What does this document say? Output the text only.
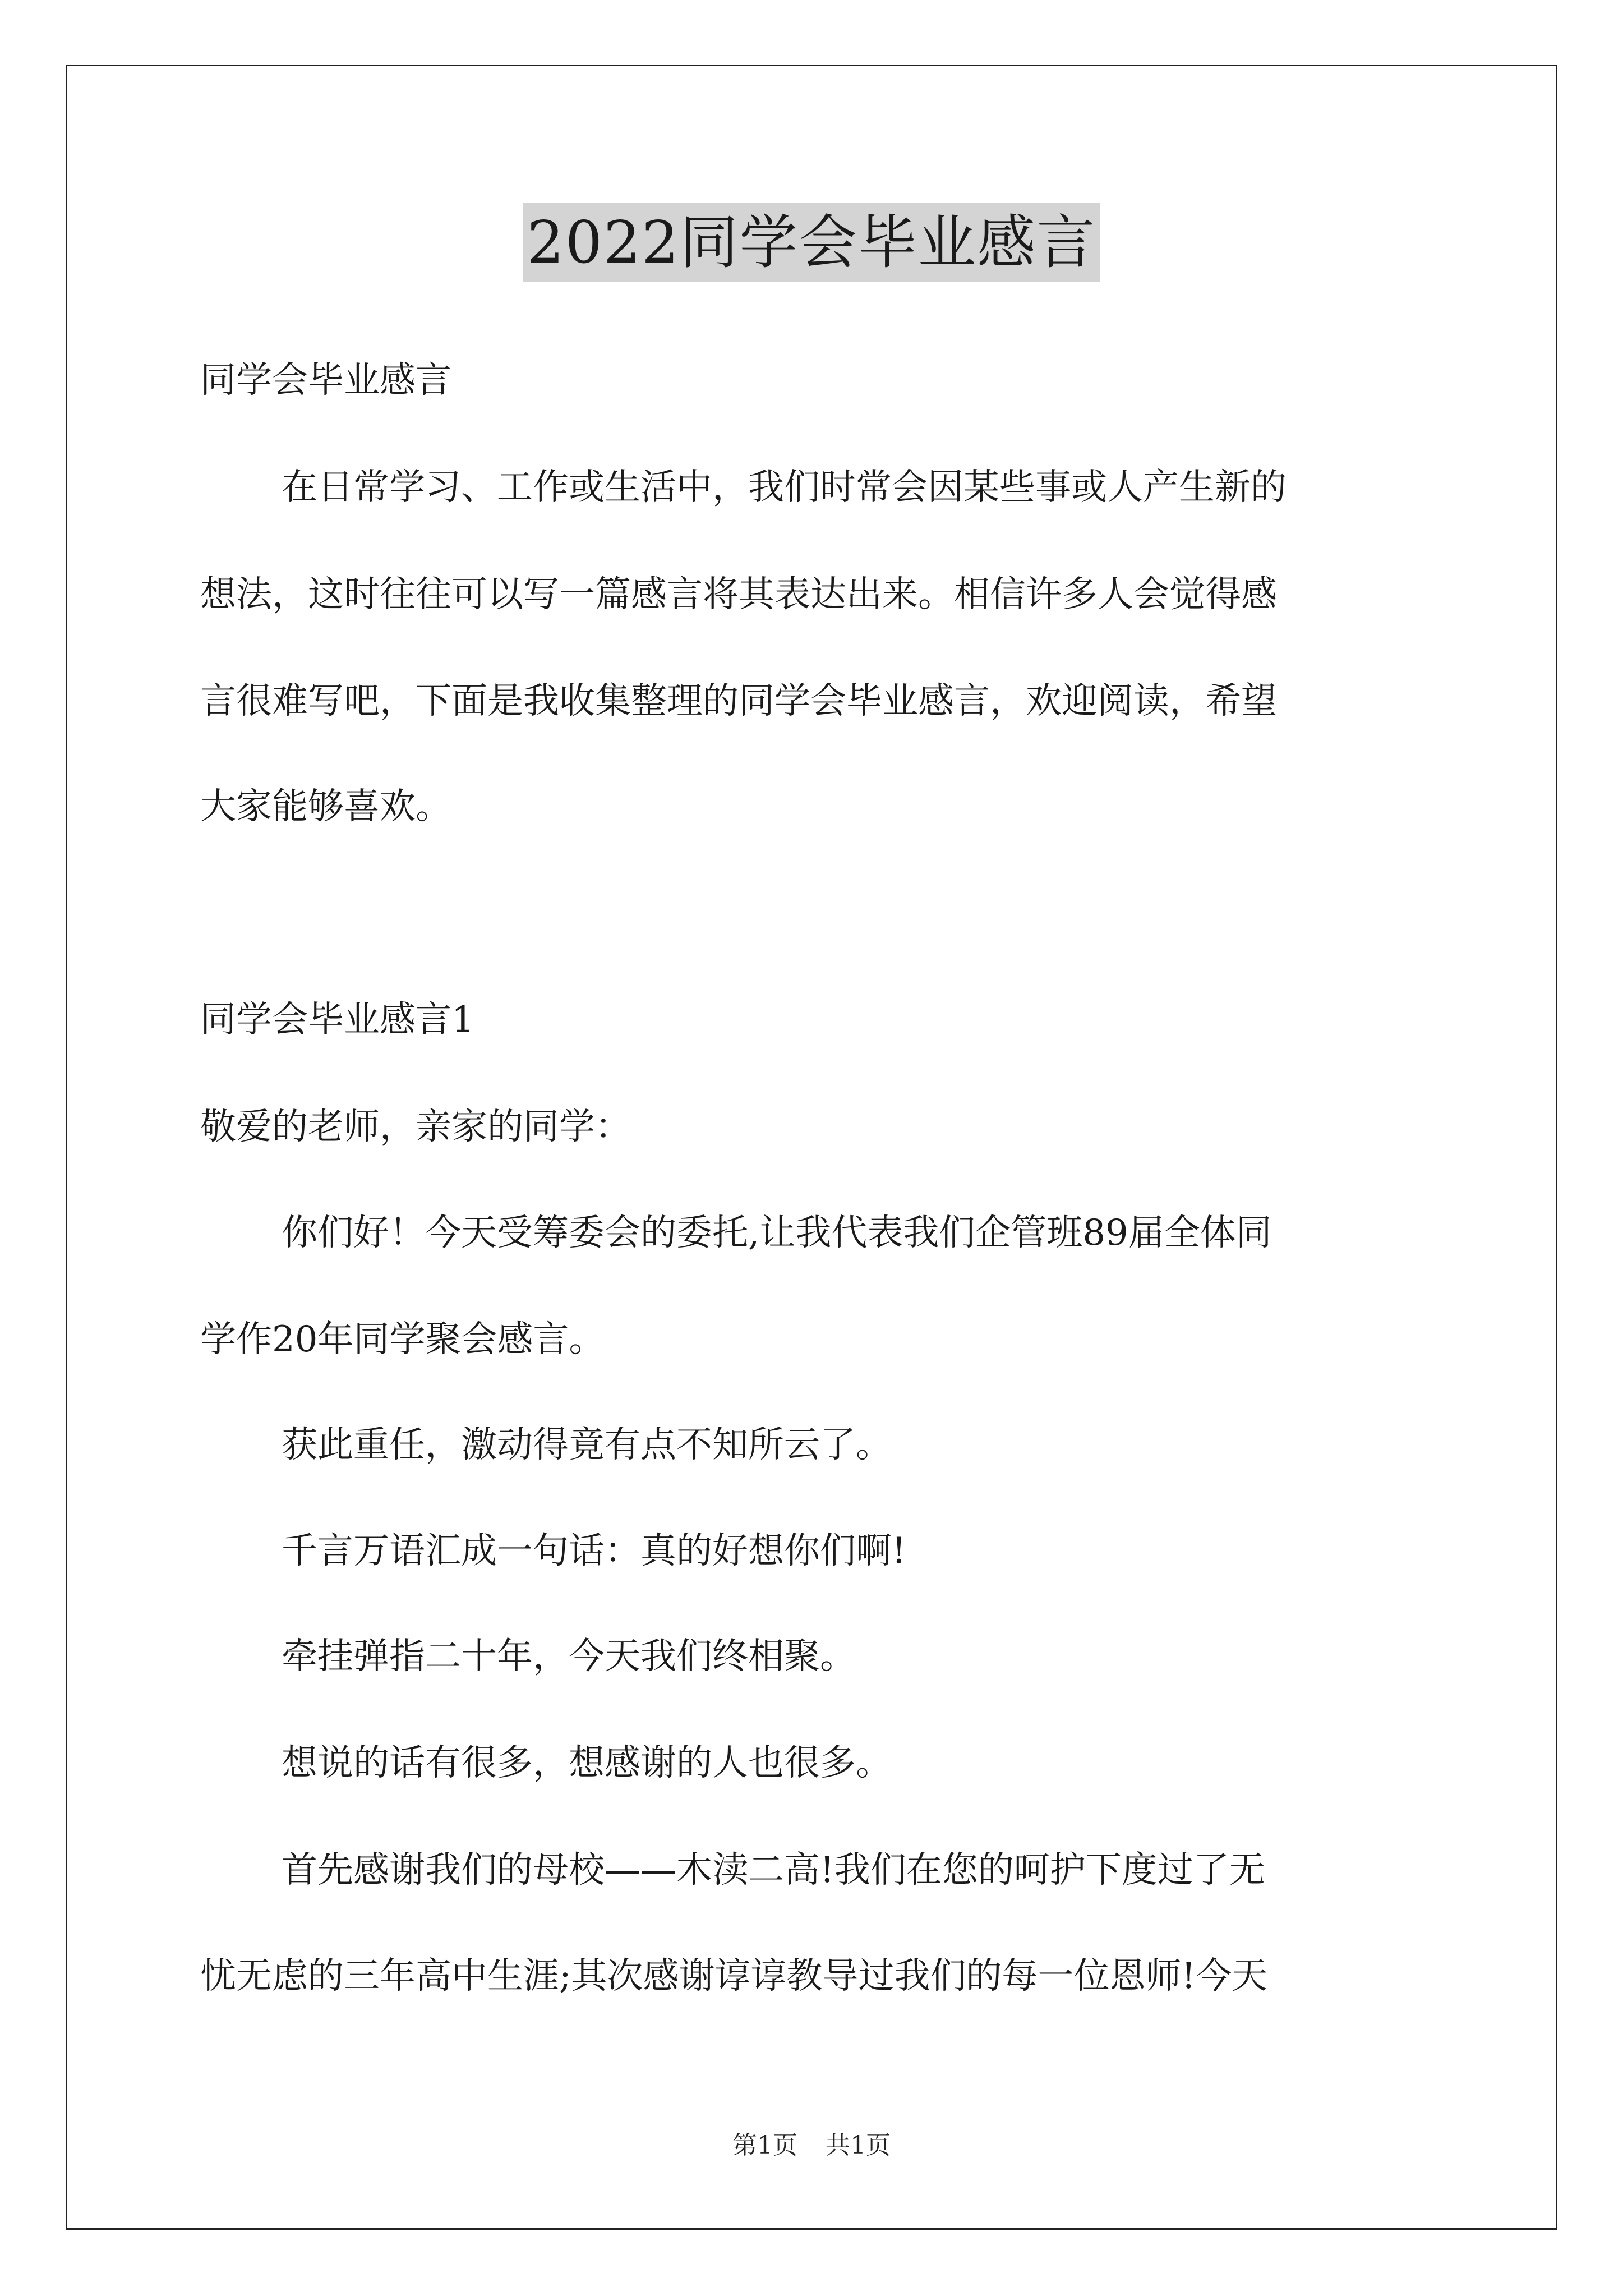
2022同学会毕业感言
同学会毕业感言
在日常学习、工作或生活中，我们时常会因某些事或人产生新的
想法，这时往往可以写一篇感言将其表达出来。相信许多人会觉得感
言很难写吧，下面是我收集整理的同学会毕业感言，欢迎阅读，希望
大家能够喜欢。
同学会毕业感言1
敬爱的老师，亲家的同学：
你们好！今天受筹委会的委托,让我代表我们企管班89届全体同
学作20年同学聚会感言。
获此重任，激动得竟有点不知所云了。
千言万语汇成一句话：真的好想你们啊!
牵挂弹指二十年，今天我们终相聚。
想说的话有很多，想感谢的人也很多。
首先感谢我们的母校——木渎二高!我们在您的呵护下度过了无
忧无虑的三年高中生涯;其次感谢谆谆教导过我们的每一位恩师!今天
第1页 共1页
